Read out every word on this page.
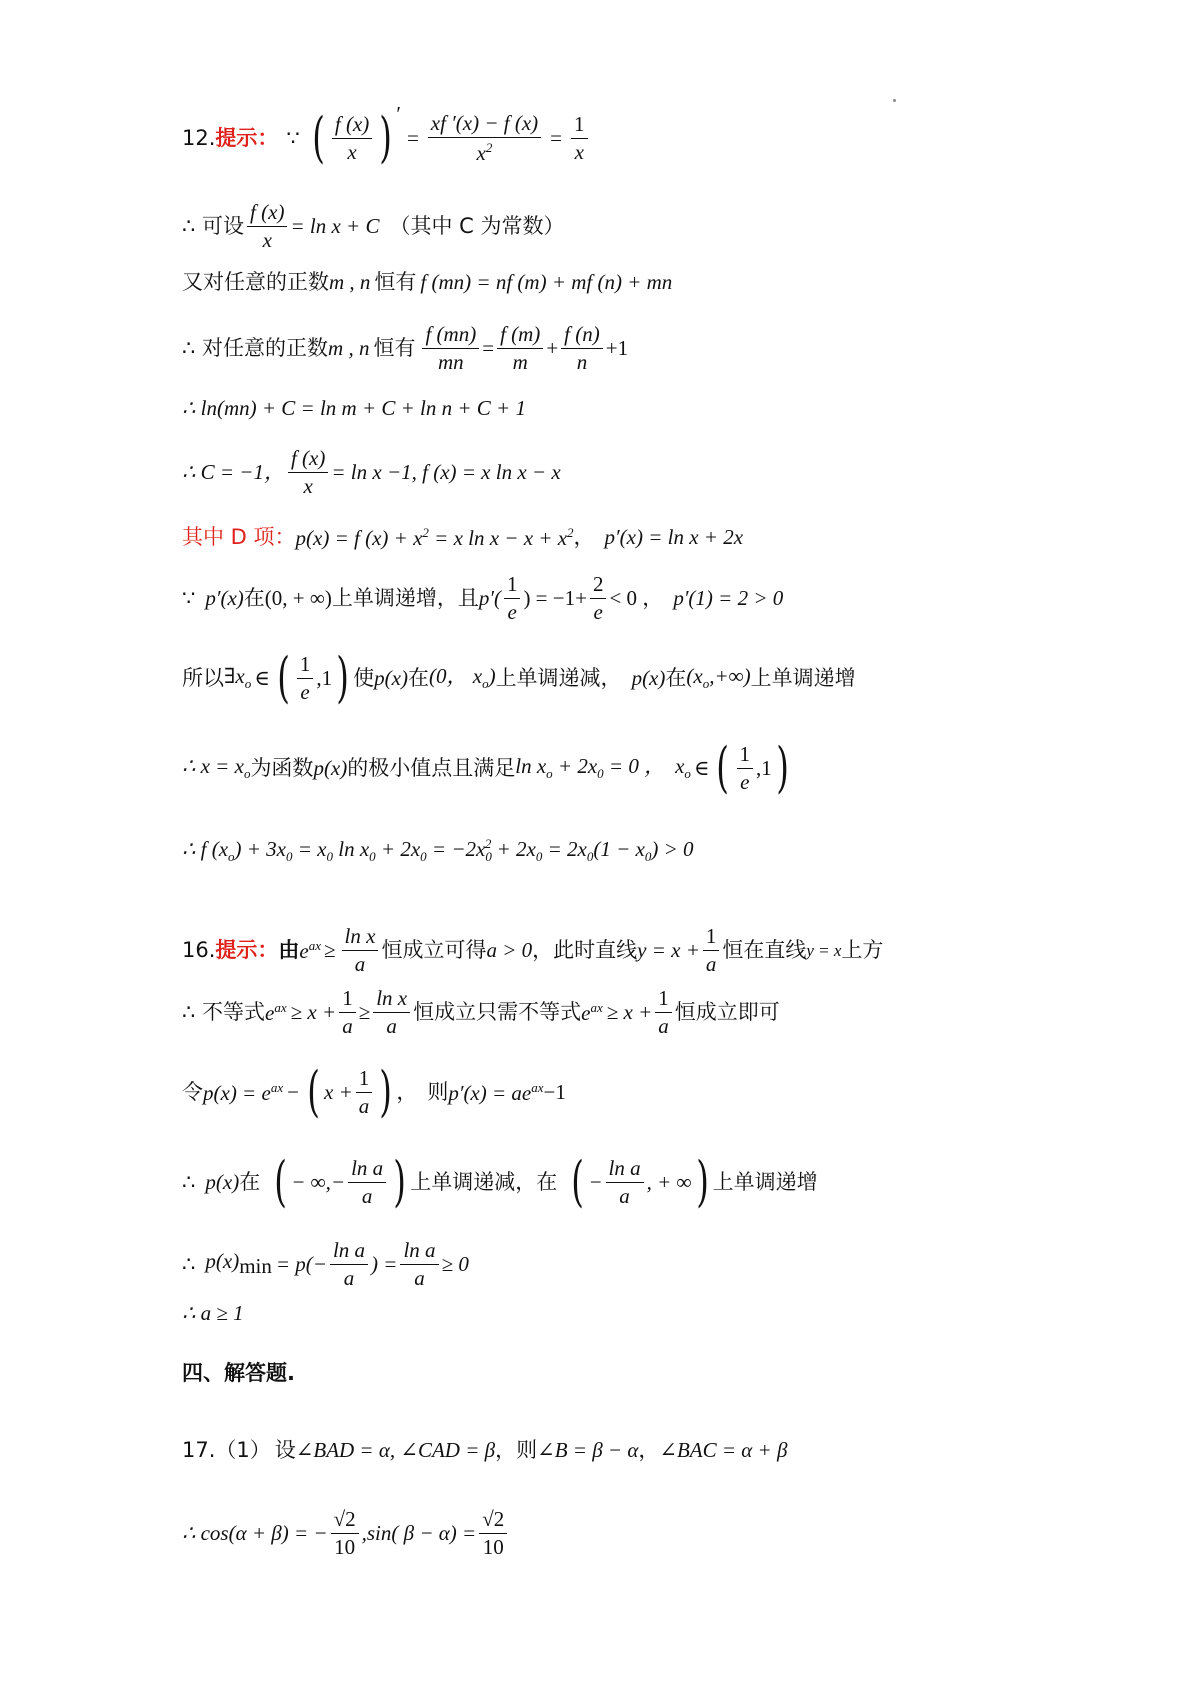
12. 提示： ∵ ( $\frac{f (x)}{x}$ ) ′
= $\frac{xf '(x) - f (x)}{x^2} = \frac{1}{x}$
∴ 可设 $\frac{f (x)}{x} = \ln x + C$ （其中 C 为常数）
又对任意的正数 m , n 恒有 f (mn) = nf (m) + mf (n) + mn
∴ 对任意的正数 m , n 恒有 $\frac{f (mn)}{mn} = \frac{f (m)}{m} + \frac{f (n)}{n} +1$
∴ ln(mn) + C = ln m + C + ln n + C + 1
∴ C = −1， $\frac{f (x)}{x} = \ln x -1$, f (x) = x ln x − x
其中 D 项： p(x) = f $(x) + x^2 = x$ $\ln x - x + x^2$ ， p′(x) = ln x + 2x
∵ p′(x) 在 (0, + ∞) 上单调递增，且 $p'( \frac{1}{e}$ ) = $-1+ \frac{2}{e} < 0$ ， p′(1) = 2 > 0
所以 $\exists x_o$ ∈ ( $\frac{1}{e} ,1$ ) 使 p(x) 在 (0， $x_o$) 上单调递减， p(x) 在 $(x_o,+\infty)$ 上单调递增
∴ $x = x_o$ 为函数 p(x) 的极小值点且满足 $\ln x_o + 2x_0 = 0$ ， $x_o$ ∈ ( $\frac{1}{e} ,1$ )
∴ f $(x_o) + 3x_0 = x_0$ $\ln x_0 + 2x_0 = -2x_0^2 + 2x_0 = 2x_0(1 - x_0) > 0$
16. 提示： 由 $e^{ax} \ge \frac{\text{ln x}}{a}$ 恒成立可得 a > 0 ，此时直线 $y = x + \frac{1}{a}$ 恒在直线 y = x 上方
∴ 不等式 $e^{ax} \ge x + \frac{1}{a} \ge \frac{\text{ln x}}{a}$ 恒成立只需不等式 $e^{ax} \ge x + \frac{1}{a}$ 恒成立即可
令 $p(x) = e^{ax}$ − ( $x + \frac{1}{a}$ ) ， 则 $p'(x) = ae^{ax} -1$
∴ p(x) 在 ( − ∞,− $\frac{\text{ln a}}{a}$ ) 上单调递减，在 ( − $\frac{\text{ln a}}{a}$ , + ∞ ) 上单调递增
∴ $p(x)_{min} = p(- \frac{\text{ln a}}{a}$ ) = $\frac{\text{ln a}}{a} \ge 0$
∴ a ≥ 1
四、解答题.
17.（1） 设 ∠BAD = α, ∠CAD = β ，则 ∠B = β − α ， ∠BAC = α + β
∴ cos(α + β) = − $\frac{√2}{10} ,\sin$( $\beta - \alpha) = \frac{√2}{10}$
